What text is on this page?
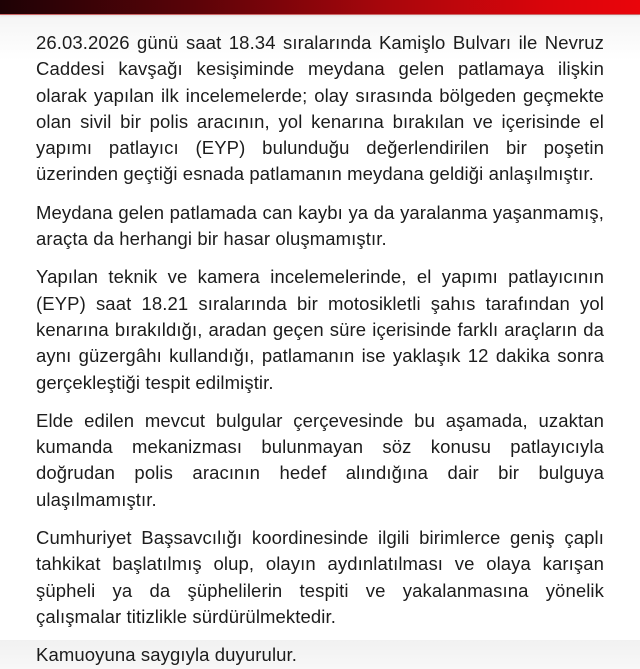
26.03.2026 günü saat 18.34 sıralarında Kamişlo Bulvarı ile Nevruz Caddesi kavşağı kesişiminde meydana gelen patlamaya ilişkin olarak yapılan ilk incelemelerde; olay sırasında bölgeden geçmekte olan sivil bir polis aracının, yol kenarına bırakılan ve içerisinde el yapımı patlayıcı (EYP) bulunduğu değerlendirilen bir poşetin üzerinden geçtiği esnada patlamanın meydana geldiği anlaşılmıştır.

Meydana gelen patlamada can kaybı ya da yaralanma yaşanmamış, araçta da herhangi bir hasar oluşmamıştır.

Yapılan teknik ve kamera incelemelerinde, el yapımı patlayıcının (EYP) saat 18.21 sıralarında bir motosikletli şahıs tarafından yol kenarına bırakıldığı, aradan geçen süre içerisinde farklı araçların da aynı güzergâhı kullandığı, patlamanın ise yaklaşık 12 dakika sonra gerçekleştiği tespit edilmiştir.

Elde edilen mevcut bulgular çerçevesinde bu aşamada, uzaktan kumanda mekanizması bulunmayan söz konusu patlayıcıyla doğrudan polis aracının hedef alındığına dair bir bulguya ulaşılmamıştır.

Cumhuriyet Başsavcılığı koordinesinde ilgili birimlerce geniş çaplı tahkikat başlatılmış olup, olayın aydınlatılması ve olaya karışan şüpheli ya da şüphelilerin tespiti ve yakalanmasına yönelik çalışmalar titizlikle sürdürülmektedir.

Kamuoyuna saygıyla duyurulur.
